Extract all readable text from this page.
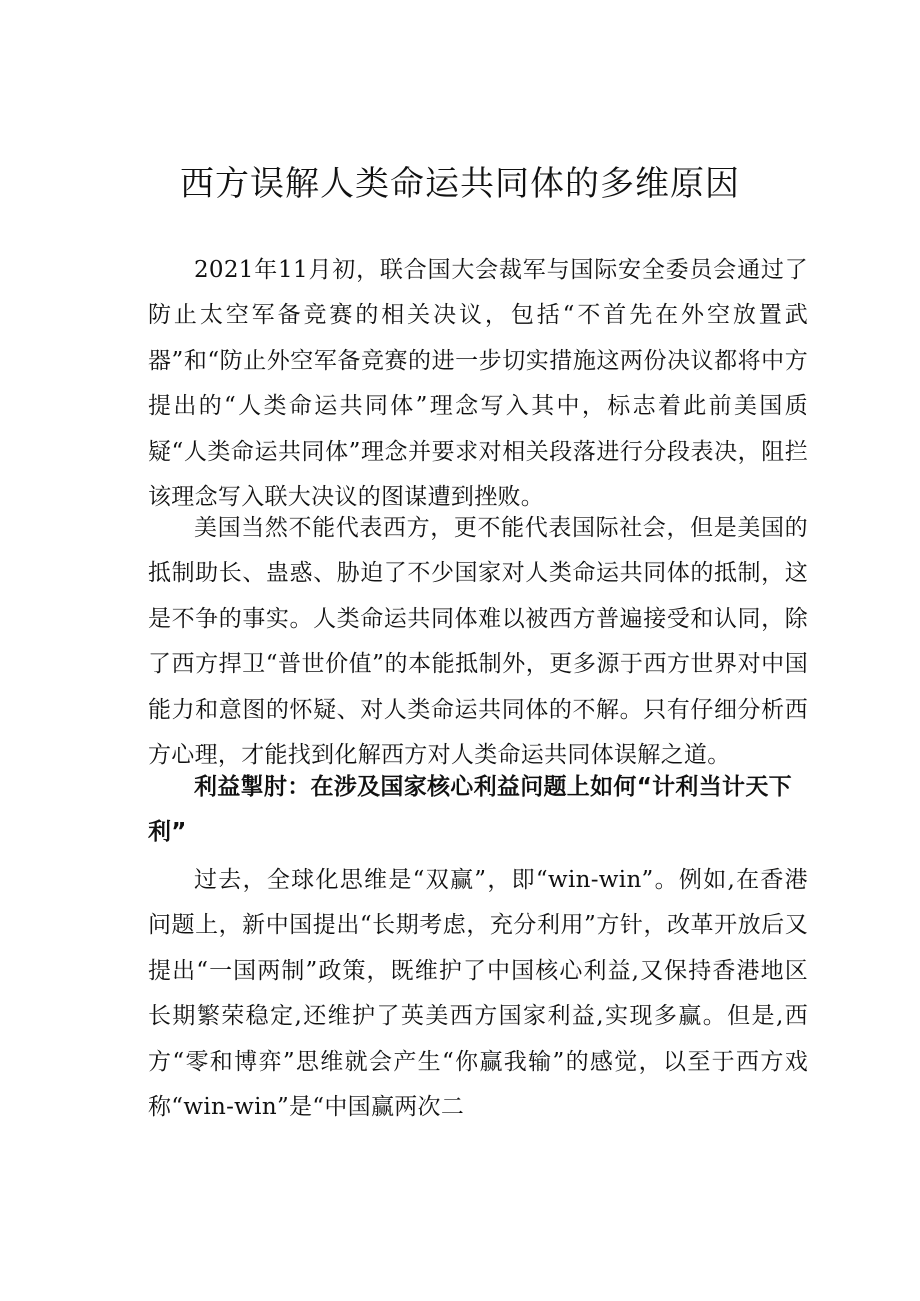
西方误解人类命运共同体的多维原因

2021年11月初，联合国大会裁军与国际安全委员会通过了防止太空军备竞赛的相关决议，包括“不首先在外空放置武器”和“防止外空军备竞赛的进一步切实措施这两份决议都将中方提出的“人类命运共同体”理念写入其中，标志着此前美国质疑“人类命运共同体”理念并要求对相关段落进行分段表决，阻拦该理念写入联大决议的图谋遭到挫败。

美国当然不能代表西方，更不能代表国际社会，但是美国的抵制助长、蛊惑、胁迫了不少国家对人类命运共同体的抵制，这是不争的事实。人类命运共同体难以被西方普遍接受和认同，除了西方捍卫“普世价值”的本能抵制外，更多源于西方世界对中国能力和意图的怀疑、对人类命运共同体的不解。只有仔细分析西方心理，才能找到化解西方对人类命运共同体误解之道。

利益掣肘：在涉及国家核心利益问题上如何“计利当计天下利”

过去，全球化思维是“双赢”，即“win-win”。例如,在香港问题上，新中国提出“长期考虑，充分利用”方针，改革开放后又提出“一国两制”政策，既维护了中国核心利益,又保持香港地区长期繁荣稳定,还维护了英美西方国家利益,实现多赢。但是,西方“零和博弈”思维就会产生“你赢我输”的感觉，以至于西方戏称“win-win”是“中国赢两次二
